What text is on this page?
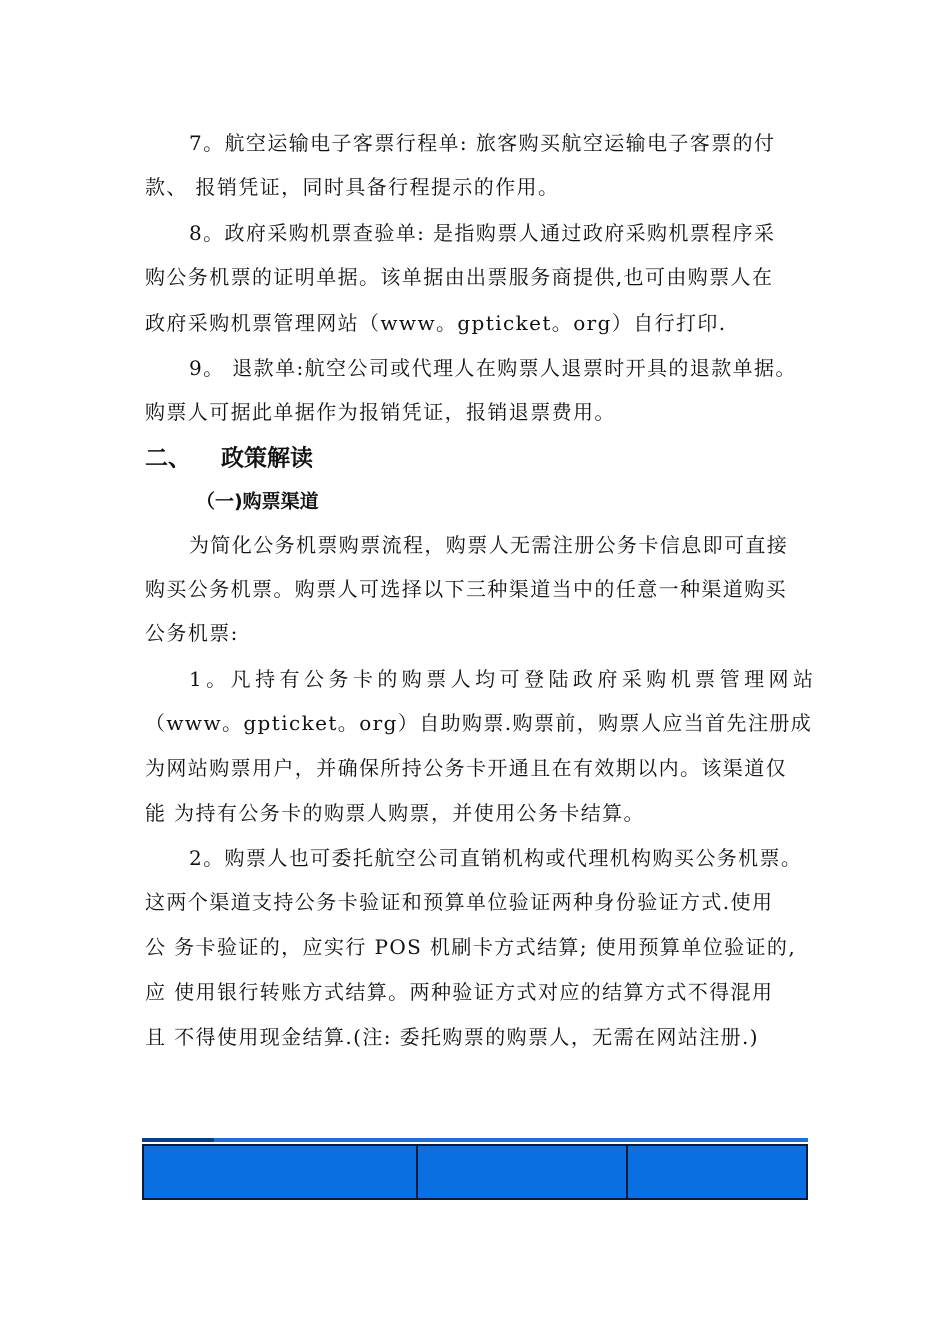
7。航空运输电子客票行程单: 旅客购买航空运输电子客票的付

款、 报销凭证，同时具备行程提示的作用。

8。政府采购机票查验单: 是指购票人通过政府采购机票程序采

购公务机票的证明单据。该单据由出票服务商提供,也可由购票人在

政府采购机票管理网站（www。gpticket。org）自行打印.

9。 退款单:航空公司或代理人在购票人退票时开具的退款单据。

购票人可据此单据作为报销凭证，报销退票费用。

二、 政策解读
（一)购票渠道

为简化公务机票购票流程，购票人无需注册公务卡信息即可直接

购买公务机票。购票人可选择以下三种渠道当中的任意一种渠道购买

公务机票:

1。凡持有公务卡的购票人均可登陆政府采购机票管理网站

（www。gpticket。org）自助购票.购票前，购票人应当首先注册成

为网站购票用户，并确保所持公务卡开通且在有效期以内。该渠道仅

能 为持有公务卡的购票人购票，并使用公务卡结算。

2。购票人也可委托航空公司直销机构或代理机构购买公务机票。

这两个渠道支持公务卡验证和预算单位验证两种身份验证方式.使用

公 务卡验证的，应实行 POS 机刷卡方式结算; 使用预算单位验证的,

应 使用银行转账方式结算。两种验证方式对应的结算方式不得混用

且 不得使用现金结算.(注: 委托购票的购票人，无需在网站注册.)
